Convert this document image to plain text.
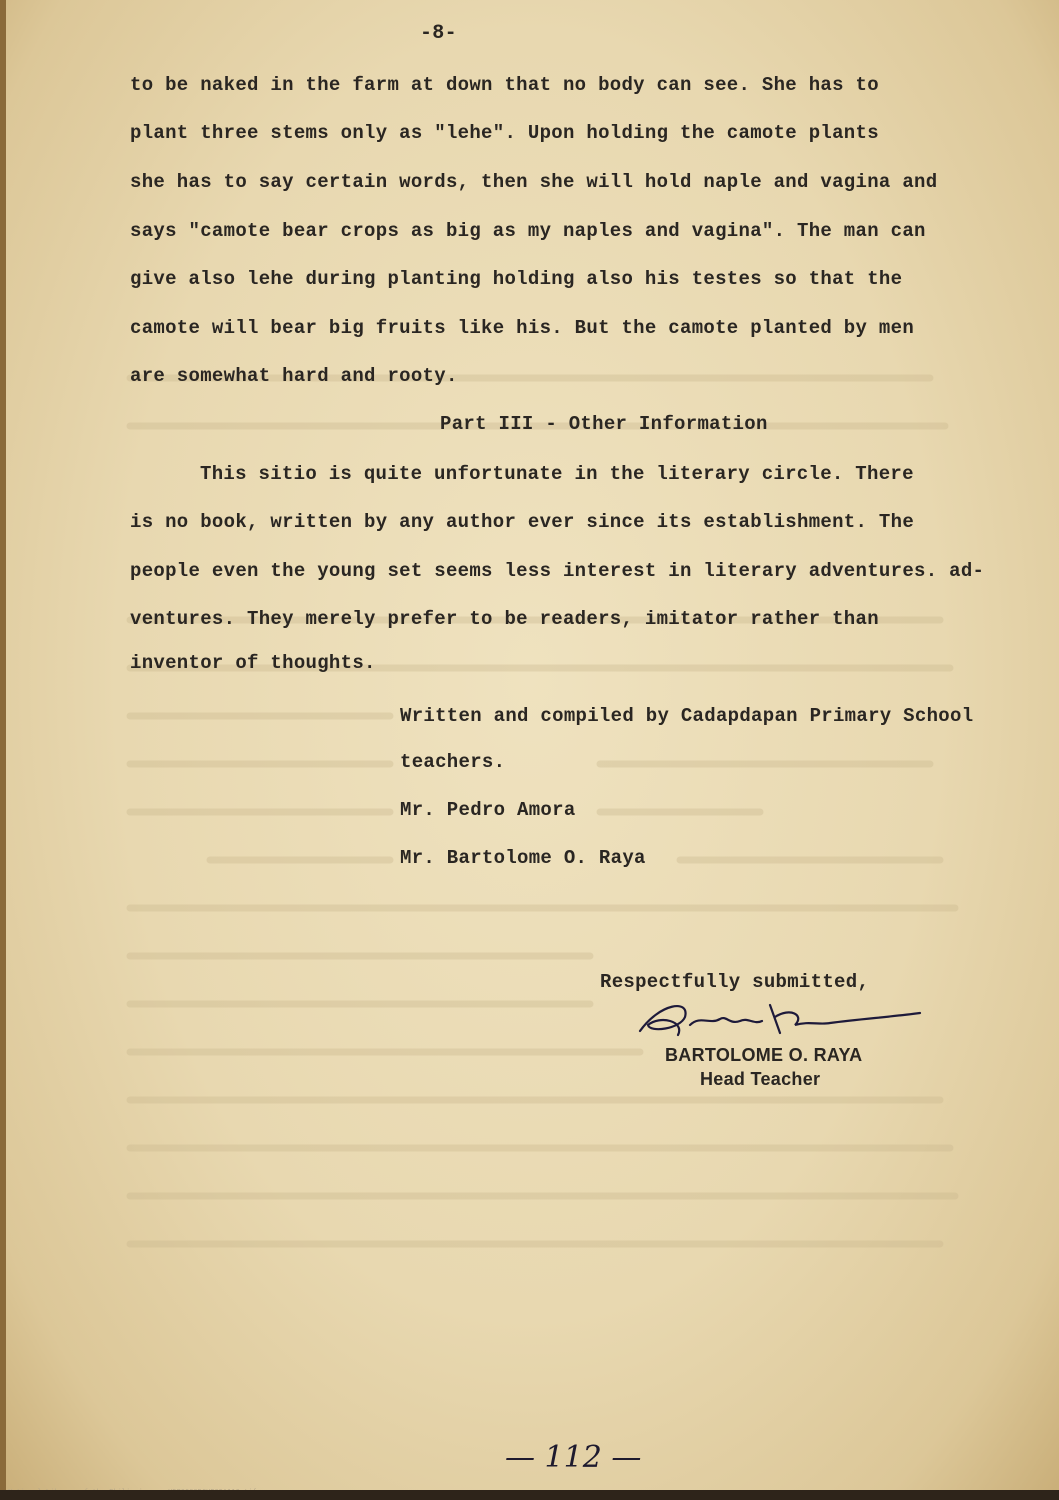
-8-
to be naked in the farm at down that no body can see. She has to
plant three stems only as "lehe". Upon holding the camote plants
she has to say certain words, then she will hold naple and vagina and
says "camote bear crops as big as my naples and vagina". The man can
give also lehe during planting holding also his testes so that the
camote will bear big fruits like his. But the camote planted by men
are somewhat hard and rooty.
Part III - Other Information
This sitio is quite unfortunate in the literary circle. There
is no book, written by any author ever since its establishment. The
people even the young set seems less interest in literary adventures. ad-
ventures. They merely prefer to be readers, imitator rather than
inventor of thoughts.
Written and compiled by Cadapdapan Primary School
teachers.
Mr. Pedro Amora
Mr. Bartolome O. Raya
Respectfully submitted,
BARTOLOME O. RAYA
Head Teacher
— 112 —
